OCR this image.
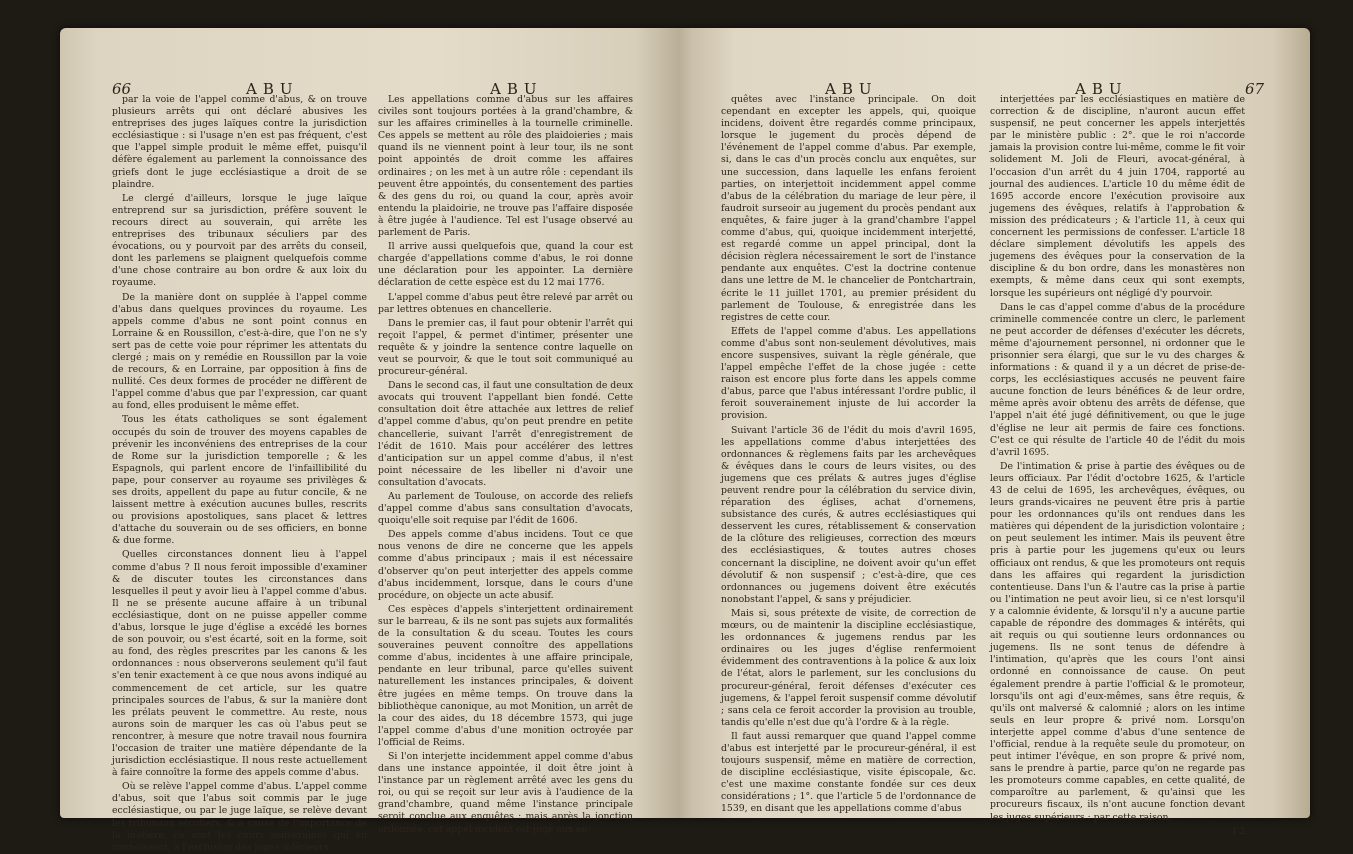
66	ABU	ABU

par la voie de l'appel comme d'abus, & on trouve plusieurs arrêts qui ont déclaré abusives les entreprises des juges laïques contre la jurisdiction ecclésiastique : si l'usage n'en est pas fréquent, c'est que l'appel simple produit le même effet, puisqu'il défère également au parlement la connoissance des griefs dont le juge ecclésiastique a droit de se plaindre.

Le clergé d'ailleurs, lorsque le juge laïque entreprend sur sa jurisdiction, préfère souvent le recours direct au souverain, qui arrête les entreprises des tribunaux séculiers par des évocations, ou y pourvoit par des arrêts du conseil, dont les parlemens se plaignent quelquefois comme d'une chose contraire au bon ordre & aux loix du royaume.

De la manière dont on supplée à l'appel comme d'abus dans quelques provinces du royaume. Les appels comme d'abus ne sont point connus en Lorraine & en Roussillon, c'est-à-dire, que l'on ne s'y sert pas de cette voie pour réprimer les attentats du clergé ; mais on y remédie en Roussillon par la voie de recours, & en Lorraine, par opposition à fins de nullité. Ces deux formes de procéder ne diffèrent de l'appel comme d'abus que par l'expression, car quant au fond, elles produisent le même effet.

Tous les états catholiques se sont également occupés du soin de trouver des moyens capables de prévenir les inconvéniens des entreprises de la cour de Rome sur la jurisdiction temporelle ; & les Espagnols, qui parlent encore de l'infaillibilité du pape, pour conserver au royaume ses privilèges & ses droits, appellent du pape au futur concile, & ne laissent mettre à exécution aucunes bulles, rescrits ou provisions apostoliques, sans placet & lettres d'attache du souverain ou de ses officiers, en bonne & due forme.

Quelles circonstances donnent lieu à l'appel comme d'abus ? Il nous feroit impossible d'examiner & de discuter toutes les circonstances dans lesquelles il peut y avoir lieu à l'appel comme d'abus. Il ne se présente aucune affaire à un tribunal ecclésiastique, dont on ne puisse appeller comme d'abus, lorsque le juge d'église a excédé les bornes de son pouvoir, ou s'est écarté, soit en la forme, soit au fond, des règles prescrites par les canons & les ordonnances : nous observerons seulement qu'il faut s'en tenir exactement à ce que nous avons indiqué au commencement de cet article, sur les quatre principales sources de l'abus, & sur la manière dont les prélats peuvent le commettre. Au reste, nous aurons soin de marquer les cas où l'abus peut se rencontrer, à mesure que notre travail nous fournira l'occasion de traiter une matière dépendante de la jurisdiction ecclésiastique. Il nous reste actuellement à faire connoître la forme des appels comme d'abus.

Où se relève l'appel comme d'abus. L'appel comme d'abus, soit que l'abus soit commis par le juge ecclésiastique, ou par le juge laïque, se relève devant les tribunaux séculiers, & à cause de l'importance de la matière, ce sont les cours souveraines qui en connoissent, à l'exclusion des juges inférieurs.

Les appellations comme d'abus sur les affaires civiles sont toujours portées à la grand'chambre, & sur les affaires criminelles à la tournelle criminelle. Ces appels se mettent au rôle des plaidoieries ; mais quand ils ne viennent point à leur tour, ils ne sont point appointés de droit comme les affaires ordinaires ; on les met à un autre rôle : cependant ils peuvent être appointés, du consentement des parties & des gens du roi, ou quand la cour, après avoir entendu la plaidoirie, ne trouve pas l'affaire disposée à être jugée à l'audience. Tel est l'usage observé au parlement de Paris.

Il arrive aussi quelquefois que, quand la cour est chargée d'appellations comme d'abus, le roi donne une déclaration pour les appointer. La dernière déclaration de cette espèce est du 12 mai 1776.

L'appel comme d'abus peut être relevé par arrêt ou par lettres obtenues en chancellerie.

Dans le premier cas, il faut pour obtenir l'arrêt qui reçoit l'appel, & permet d'intimer, présenter une requête & y joindre la sentence contre laquelle on veut se pourvoir, & que le tout soit communiqué au procureur-général.

Dans le second cas, il faut une consultation de deux avocats qui trouvent l'appellant bien fondé. Cette consultation doit être attachée aux lettres de relief d'appel comme d'abus, qu'on peut prendre en petite chancellerie, suivant l'arrêt d'enregistrement de l'édit de 1610. Mais pour accélérer des lettres d'anticipation sur un appel comme d'abus, il n'est point nécessaire de les libeller ni d'avoir une consultation d'avocats.

Au parlement de Toulouse, on accorde des reliefs d'appel comme d'abus sans consultation d'avocats, quoiqu'elle soit requise par l'édit de 1606.

Des appels comme d'abus incidens. Tout ce que nous venons de dire ne concerne que les appels comme d'abus principaux ; mais il est nécessaire d'observer qu'on peut interjetter des appels comme d'abus incidemment, lorsque, dans le cours d'une procédure, on objecte un acte abusif.

Ces espèces d'appels s'interjettent ordinairement sur le barreau, & ils ne sont pas sujets aux formalités de la consultation & du sceau. Toutes les cours souveraines peuvent connoître des appellations comme d'abus, incidentes à une affaire principale, pendante en leur tribunal, parce qu'elles suivent naturellement les instances principales, & doivent être jugées en même temps. On trouve dans la bibliothèque canonique, au mot Monition, un arrêt de la cour des aides, du 18 décembre 1573, qui juge l'appel comme d'abus d'une monition octroyée par l'official de Reims.

Si l'on interjette incidemment appel comme d'abus dans une instance appointée, il doit être joint à l'instance par un règlement arrêté avec les gens du roi, ou qui se reçoit sur leur avis à l'audience de la grand'chambre, quand même l'instance principale seroit conclue aux enquêtes : mais après la jonction ordonnée, cet appel incident est jugé aux en-

ABU	ABU	67

quêtes avec l'instance principale. On doit cependant en excepter les appels, qui, quoique incidens, doivent être regardés comme principaux, lorsque le jugement du procès dépend de l'événement de l'appel comme d'abus. Par exemple, si, dans le cas d'un procès conclu aux enquêtes, sur une succession, dans laquelle les enfans feroient parties, on interjettoit incidemment appel comme d'abus de la célébration du mariage de leur père, il faudroit surseoir au jugement du procès pendant aux enquêtes, & faire juger à la grand'chambre l'appel comme d'abus, qui, quoique incidemment interjetté, est regardé comme un appel principal, dont la décision règlera nécessairement le sort de l'instance pendante aux enquêtes. C'est la doctrine contenue dans une lettre de M. le chancelier de Pontchartrain, écrite le 11 juillet 1701, au premier président du parlement de Toulouse, & enregistrée dans les registres de cette cour.

Effets de l'appel comme d'abus. Les appellations comme d'abus sont non-seulement dévolutives, mais encore suspensives, suivant la règle générale, que l'appel empêche l'effet de la chose jugée : cette raison est encore plus forte dans les appels comme d'abus, parce que l'abus intéressant l'ordre public, il feroit souverainement injuste de lui accorder la provision.

Suivant l'article 36 de l'édit du mois d'avril 1695, les appellations comme d'abus interjettées des ordonnances & règlemens faits par les archevêques & évêques dans le cours de leurs visites, ou des jugemens que ces prélats & autres juges d'église peuvent rendre pour la célébration du service divin, réparation des églises, achat d'ornemens, subsistance des curés, & autres ecclésiastiques qui desservent les cures, rétablissement & conservation de la clôture des religieuses, correction des mœurs des ecclésiastiques, & toutes autres choses concernant la discipline, ne doivent avoir qu'un effet dévolutif & non suspensif ; c'est-à-dire, que ces ordonnances ou jugemens doivent être exécutés nonobstant l'appel, & sans y préjudicier.

Mais si, sous prétexte de visite, de correction de mœurs, ou de maintenir la discipline ecclésiastique, les ordonnances & jugemens rendus par les ordinaires ou les juges d'église renfermoient évidemment des contraventions à la police & aux loix de l'état, alors le parlement, sur les conclusions du procureur-général, feroit défenses d'exécuter ces jugemens, & l'appel feroit suspensif comme dévolutif ; sans cela ce feroit accorder la provision au trouble, tandis qu'elle n'est due qu'à l'ordre & à la règle.

Il faut aussi remarquer que quand l'appel comme d'abus est interjetté par le procureur-général, il est toujours suspensif, même en matière de correction, de discipline ecclésiastique, visite épiscopale, &c. c'est une maxime constante fondée sur ces deux considérations ; 1°. que l'article 5 de l'ordonnance de 1539, en disant que les appellations comme d'abus

interjettées par les ecclésiastiques en matière de correction & de discipline, n'auront aucun effet suspensif, ne peut concerner les appels interjettés par le ministère public : 2°. que le roi n'accorde jamais la provision contre lui-même, comme le fit voir solidement M. Joli de Fleuri, avocat-général, à l'occasion d'un arrêt du 4 juin 1704, rapporté au journal des audiences. L'article 10 du même édit de 1695 accorde encore l'exécution provisoire aux jugemens des évêques, relatifs à l'approbation & mission des prédicateurs ; & l'article 11, à ceux qui concernent les permissions de confesser. L'article 18 déclare simplement dévolutifs les appels des jugemens des évêques pour la conservation de la discipline & du bon ordre, dans les monastères non exempts, & même dans ceux qui sont exempts, lorsque les supérieurs ont négligé d'y pourvoir.

Dans le cas d'appel comme d'abus de la procédure criminelle commencée contre un clerc, le parlement ne peut accorder de défenses d'exécuter les décrets, même d'ajournement personnel, ni ordonner que le prisonnier sera élargi, que sur le vu des charges & informations : & quand il y a un décret de prise-de-corps, les ecclésiastiques accusés ne peuvent faire aucune fonction de leurs bénéfices & de leur ordre, même après avoir obtenu des arrêts de défense, que l'appel n'ait été jugé définitivement, ou que le juge d'église ne leur ait permis de faire ces fonctions. C'est ce qui résulte de l'article 40 de l'édit du mois d'avril 1695.

De l'intimation & prise à partie des évêques ou de leurs officiaux. Par l'édit d'octobre 1625, & l'article 43 de celui de 1695, les archevêques, évêques, ou leurs grands-vicaires ne peuvent être pris à partie pour les ordonnances qu'ils ont rendues dans les matières qui dépendent de la jurisdiction volontaire ; on peut seulement les intimer. Mais ils peuvent être pris à partie pour les jugemens qu'eux ou leurs officiaux ont rendus, & que les promoteurs ont requis dans les affaires qui regardent la jurisdiction contentieuse. Dans l'un & l'autre cas la prise à partie ou l'intimation ne peut avoir lieu, si ce n'est lorsqu'il y a calomnie évidente, & lorsqu'il n'y a aucune partie capable de répondre des dommages & intérêts, qui ait requis ou qui soutienne leurs ordonnances ou jugemens. Ils ne sont tenus de défendre à l'intimation, qu'après que les cours l'ont ainsi ordonné en connoissance de cause. On peut également prendre à partie l'official & le promoteur, lorsqu'ils ont agi d'eux-mêmes, sans être requis, & qu'ils ont malversé & calomnié ; alors on les intime seuls en leur propre & privé nom. Lorsqu'on interjette appel comme d'abus d'une sentence de l'official, rendue à la requête seule du promoteur, on peut intimer l'évêque, en son propre & privé nom, sans le prendre à partie, parce qu'on ne regarde pas les promoteurs comme capables, en cette qualité, de comparoître au parlement, & qu'ainsi que les procureurs fiscaux, ils n'ont aucune fonction devant les juges supérieurs : par cette raison,

I 2
